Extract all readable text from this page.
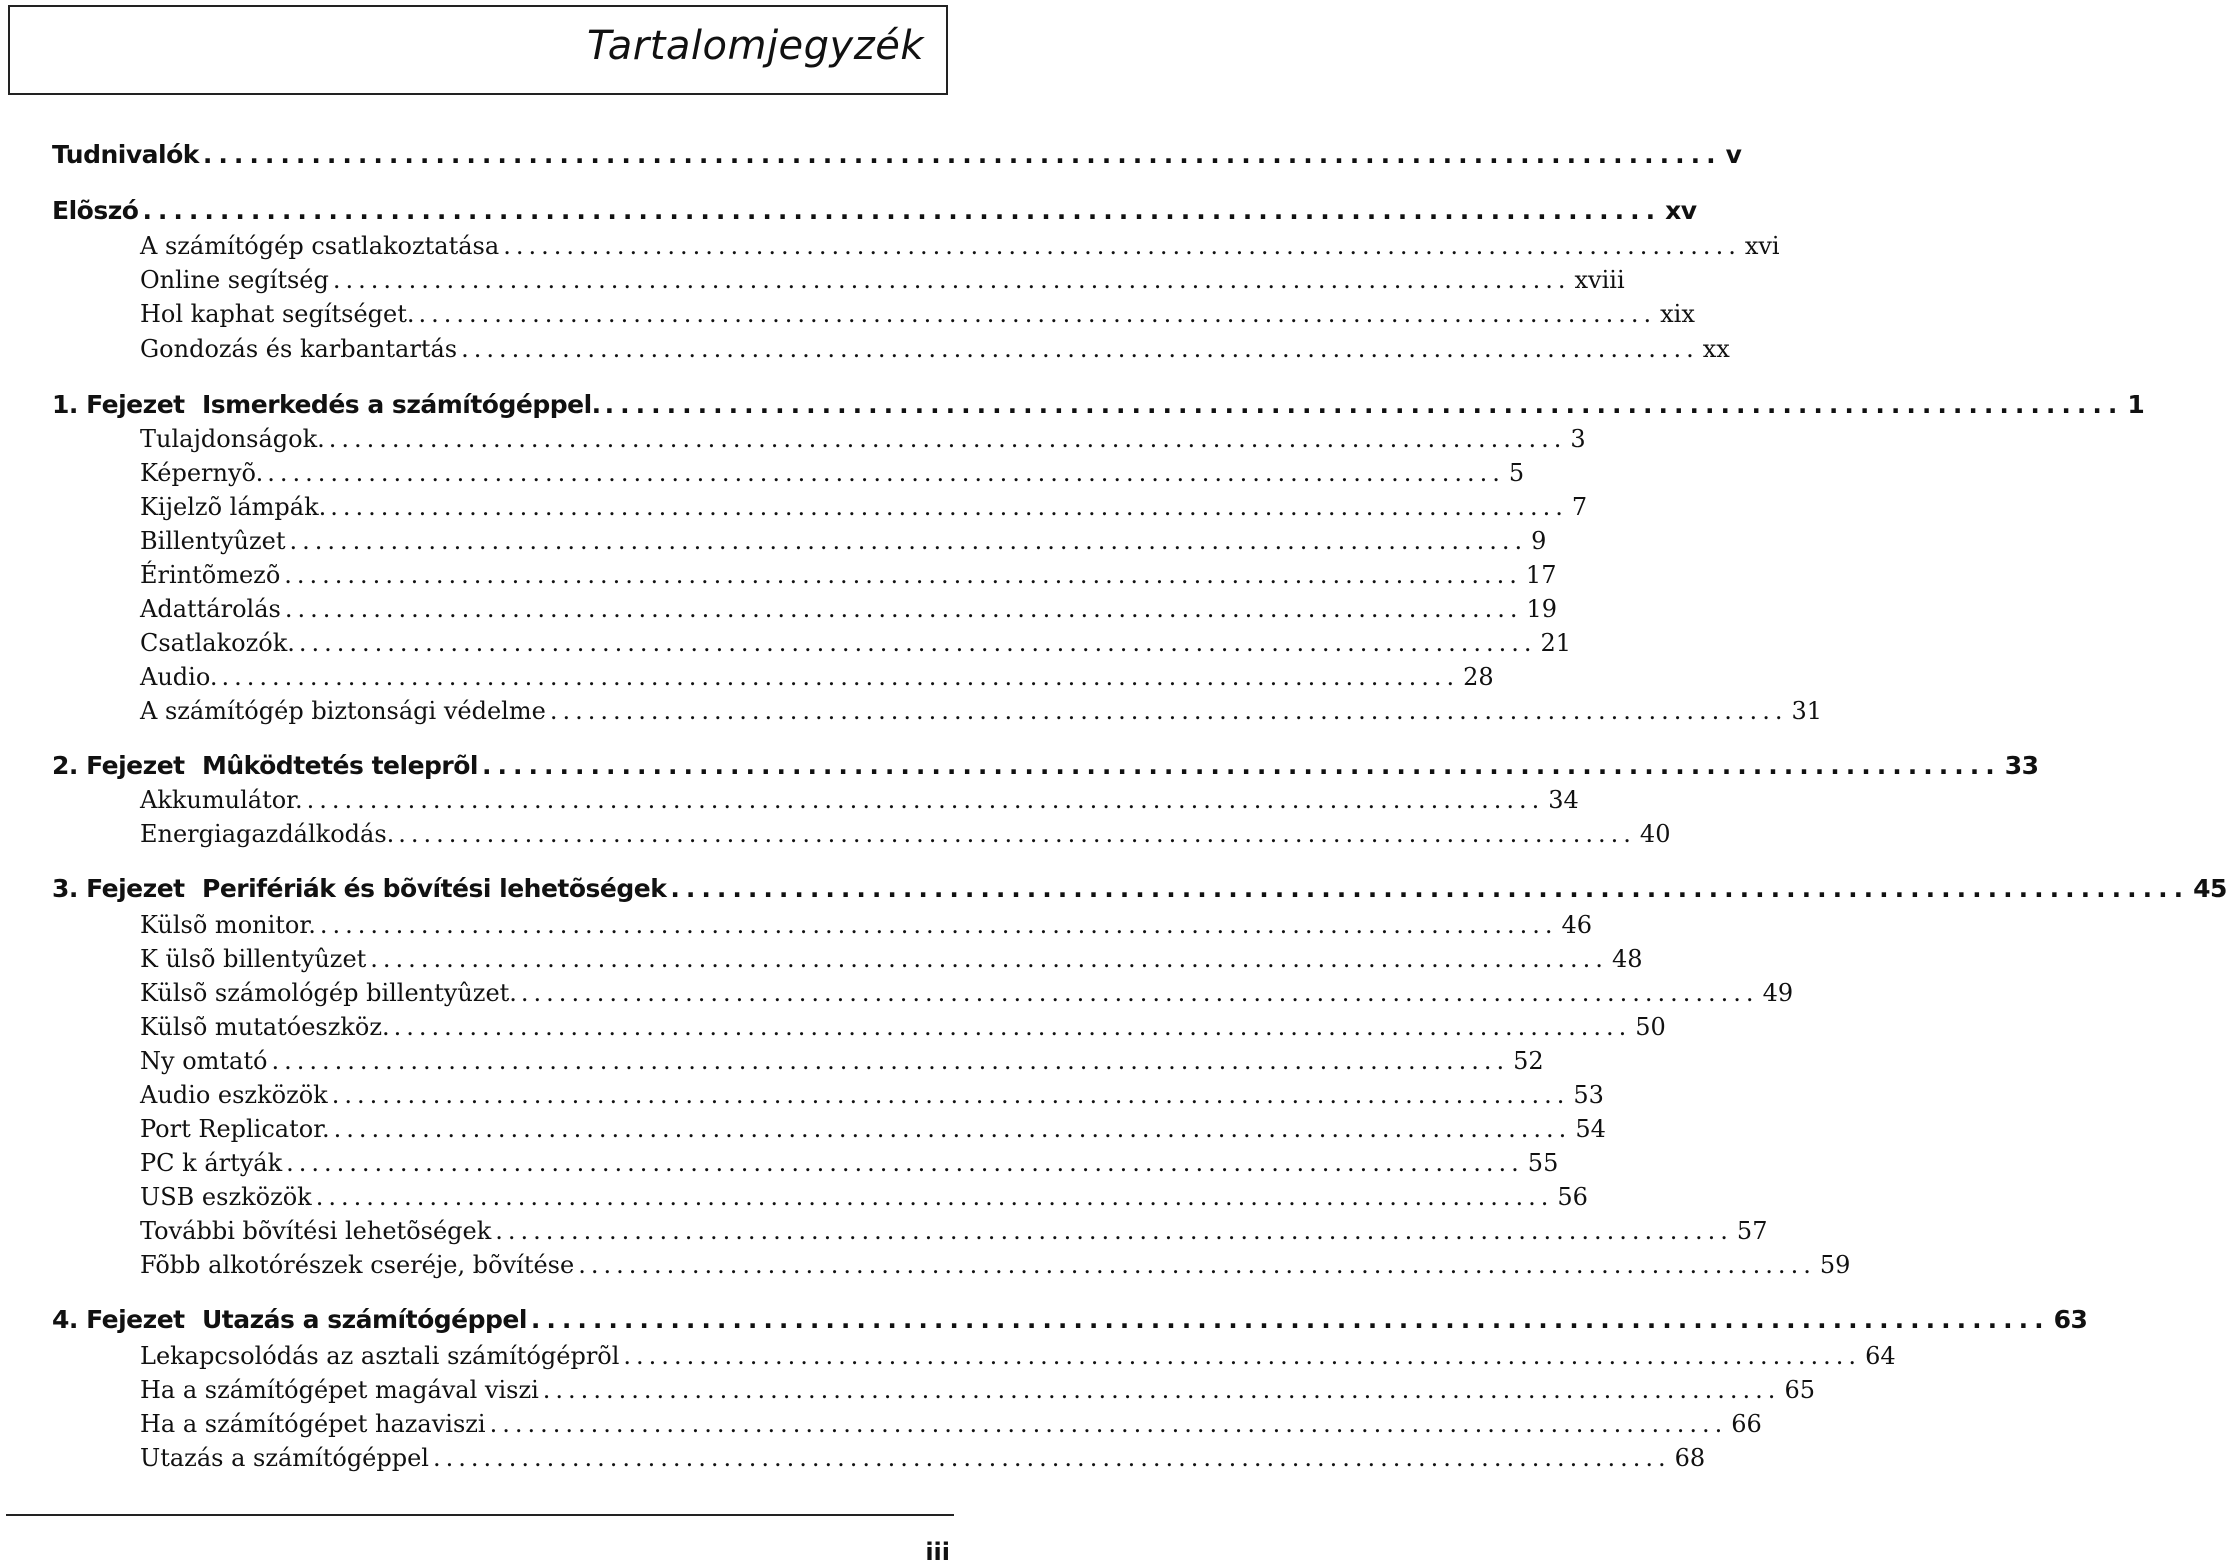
Tartalomjegyzék
Tudnivalók .................................................................................................. v
Elõszó .................................................................................................. xv
A számítógép csatlakoztatása .................................................................................................. xvi
Online segítség .................................................................................................. xviii
Hol kaphat segítséget. .................................................................................................. xix
Gondozás és karbantartás .................................................................................................. xx
1. Fejezet Ismerkedés a számítógéppel. .................................................................................................. 1
Tulajdonságok. .................................................................................................. 3
Képernyõ. .................................................................................................. 5
Kijelzõ lámpák. .................................................................................................. 7
Billentyûzet .................................................................................................. 9
Érintõmezõ .................................................................................................. 17
Adattárolás .................................................................................................. 19
Csatlakozók. .................................................................................................. 21
Audio. .................................................................................................. 28
A számítógép biztonsági védelme .................................................................................................. 31
2. Fejezet Mûködtetés teleprõl .................................................................................................. 33
Akkumulátor. .................................................................................................. 34
Energiagazdálkodás. .................................................................................................. 40
3. Fejezet Perifériák és bõvítési lehetõségek .................................................................................................. 45
Külsõ monitor. .................................................................................................. 46
K ülsõ billentyûzet .................................................................................................. 48
Külsõ számológép billentyûzet. .................................................................................................. 49
Külsõ mutatóeszköz. .................................................................................................. 50
Ny omtató .................................................................................................. 52
Audio eszközök .................................................................................................. 53
Port Replicator. .................................................................................................. 54
PC k ártyák .................................................................................................. 55
USB eszközök .................................................................................................. 56
További bõvítési lehetõségek .................................................................................................. 57
Fõbb alkotórészek cseréje, bõvítése .................................................................................................. 59
4. Fejezet Utazás a számítógéppel .................................................................................................. 63
Lekapcsolódás az asztali számítógéprõl .................................................................................................. 64
Ha a számítógépet magával viszi .................................................................................................. 65
Ha a számítógépet hazaviszi .................................................................................................. 66
Utazás a számítógéppel .................................................................................................. 68
iii
